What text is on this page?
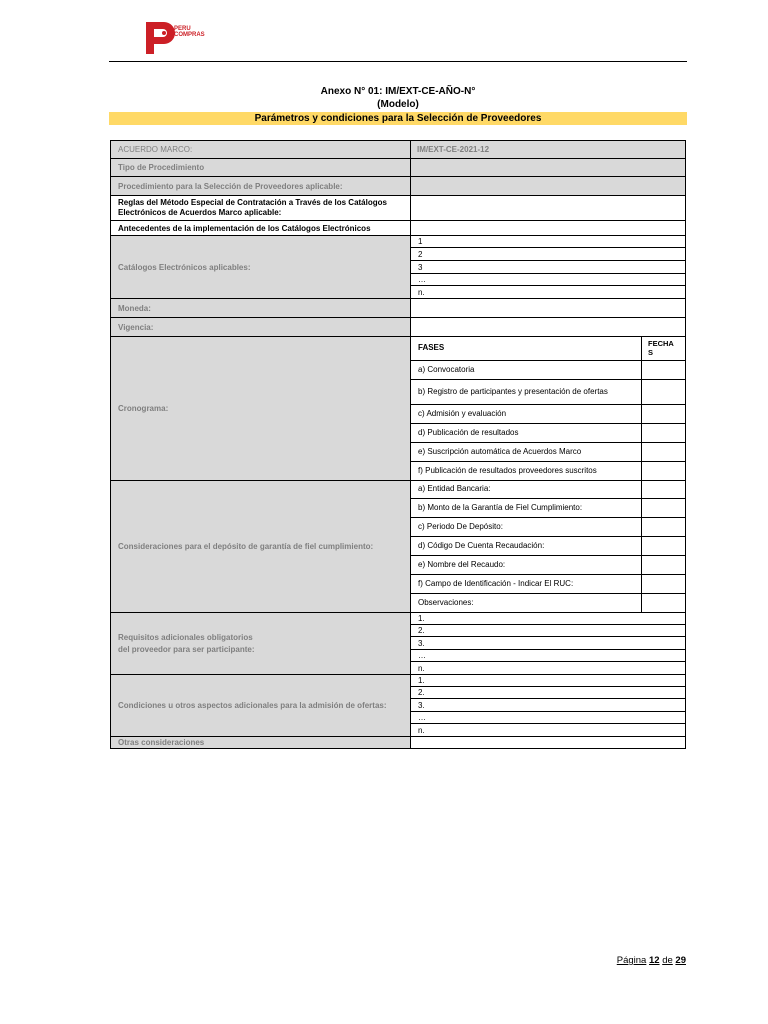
PERU
COMPRAS
Anexo N° 01: IM/EXT-CE-AÑO-N°
(Modelo)
Parámetros y condiciones para la Selección de Proveedores
ACUERDO MARCO:	IM/EXT-CE-2021-12
Tipo de Procedimiento
Procedimiento para la Selección de Proveedores aplicable:
Reglas del Método Especial de Contratación a Través de los Catálogos Electrónicos de Acuerdos Marco aplicable:
Antecedentes de la implementación de los Catálogos Electrónicos
Catálogos Electrónicos aplicables:
1
2
3
…
n.
Moneda:
Vigencia:
Cronograma:
FASES	FECHA
S
a) Convocatoria
b) Registro de participantes y presentación de ofertas
c) Admisión y evaluación
d) Publicación de resultados
e) Suscripción automática de Acuerdos Marco
f) Publicación de resultados proveedores suscritos
Consideraciones para el depósito de garantía de fiel cumplimiento:
a) Entidad Bancaria:
b) Monto de la Garantía de Fiel Cumplimiento:
c) Periodo De Depósito:
d) Código De Cuenta Recaudación:
e) Nombre del Recaudo:
f) Campo de Identificación - Indicar El RUC:
Observaciones:
Requisitos adicionales obligatorios
del proveedor para ser participante:
1.
2.
3.
…
n.
Condiciones u otros aspectos adicionales para la admisión de ofertas:
1.
2.
3.
…
n.
Otras consideraciones
Página 12 de 29
